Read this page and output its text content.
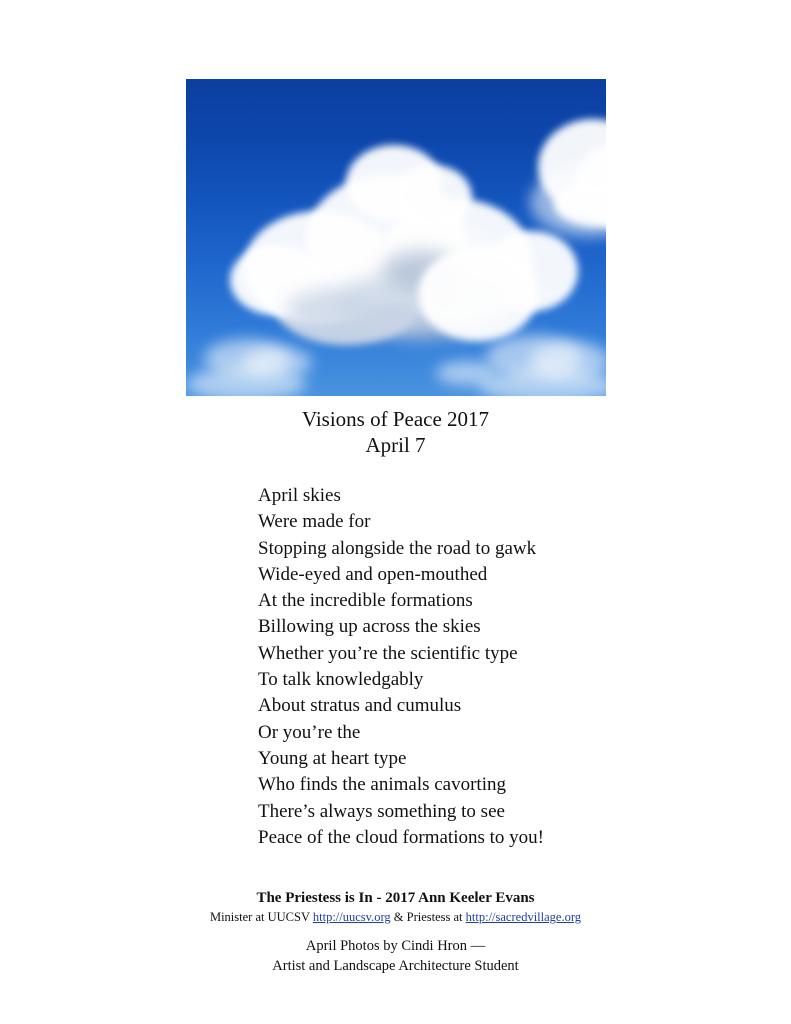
Visions of Peace 2017
April 7
April skies
Were made for
Stopping alongside the road to gawk
Wide-eyed and open-mouthed
At the incredible formations
Billowing up across the skies
Whether you’re the scientific type
To talk knowledgably
About stratus and cumulus
Or you’re the
Young at heart type
Who finds the animals cavorting
There’s always something to see
Peace of the cloud formations to you!
The Priestess is In - 2017 Ann Keeler Evans
Minister at UUCSV http://uucsv.org & Priestess at http://sacredvillage.org
April Photos by Cindi Hron —
Artist and Landscape Architecture Student
